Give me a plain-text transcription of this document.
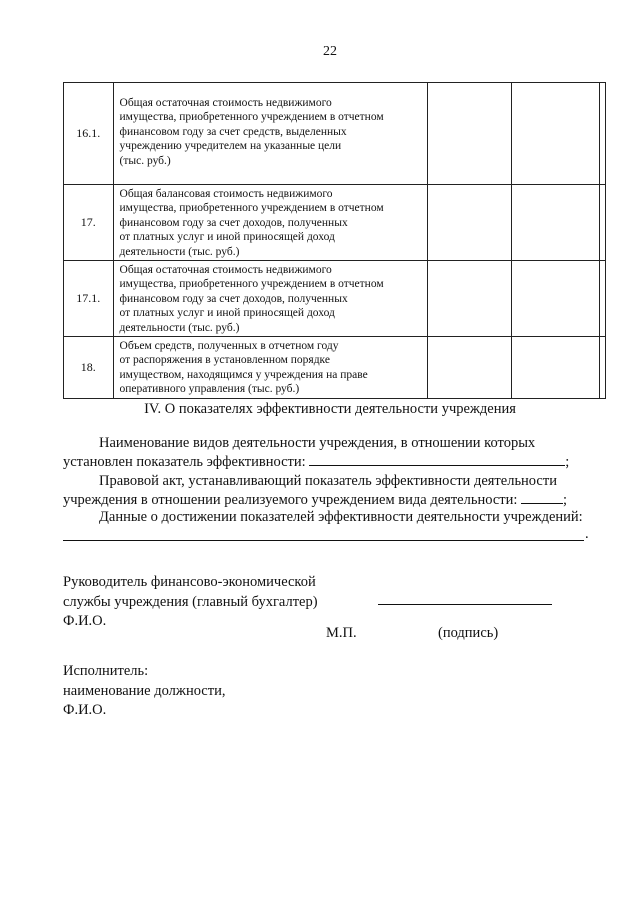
22
16.1.	Общая остаточная стоимость недвижимого
имущества, приобретенного учреждением в отчетном
финансовом году за счет средств, выделенных
учреждению учредителем на указанные цели
(тыс. руб.)			

17.	Общая балансовая стоимость недвижимого
имущества, приобретенного учреждением в отчетном
финансовом году за счет доходов, полученных
от платных услуг и иной приносящей доход
деятельности (тыс. руб.)			

17.1.	Общая остаточная стоимость недвижимого
имущества, приобретенного учреждением в отчетном
финансовом году за счет доходов, полученных
от платных услуг и иной приносящей доход
деятельности (тыс. руб.)			

18.	Объем средств, полученных в отчетном году
от распоряжения в установленном порядке
имуществом, находящимся у учреждения на праве
оперативного управления (тыс. руб.)			

IV. О показателях эффективности деятельности учреждения
Наименование видов деятельности учреждения, в отношении которых
установлен показатель эффективности:	;
Правовой акт, устанавливающий показатель эффективности деятельности
учреждения в отношении реализуемого учреждением вида деятельности:	;
Данные о достижении показателей эффективности деятельности учреждений:
.
Руководитель финансово-экономической
службы учреждения (главный бухгалтер)
Ф.И.О.
М.П.	(подпись)
Исполнитель:
наименование должности,
Ф.И.О.
